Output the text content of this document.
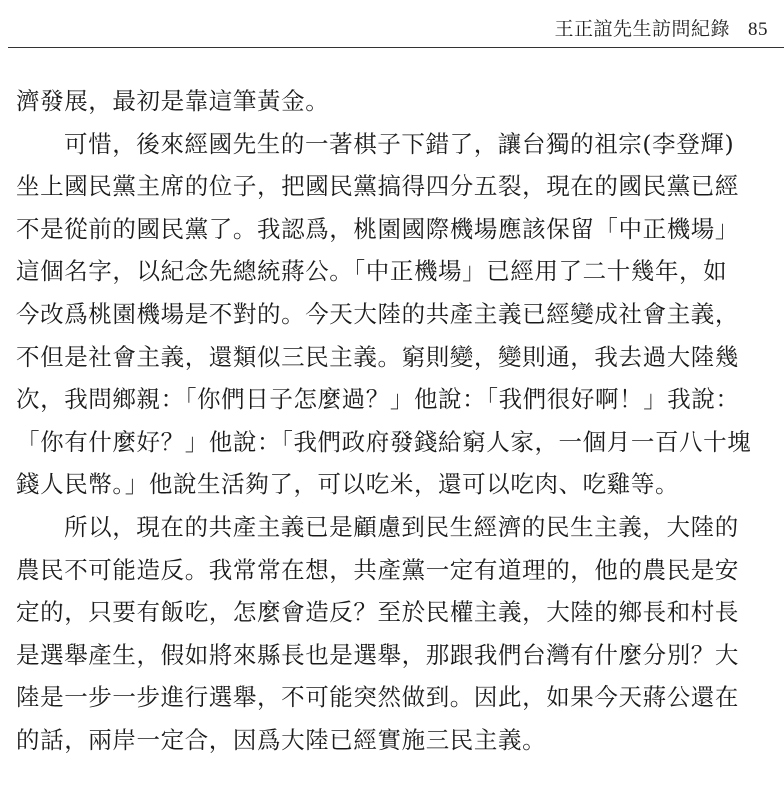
王正誼先生訪問紀錄 85
濟發展，最初是靠這筆黃金。
可惜，後來經國先生的一著棋子下錯了，讓台獨的祖宗(李登輝)
坐上國民黨主席的位子，把國民黨搞得四分五裂，現在的國民黨已經
不是從前的國民黨了。我認爲，桃園國際機場應該保留「中正機場」
這個名字，以紀念先總統蔣公。「中正機場」已經用了二十幾年，如
今改爲桃園機場是不對的。今天大陸的共產主義已經變成社會主義，
不但是社會主義，還類似三民主義。窮則變，變則通，我去過大陸幾
次，我問鄉親：「你們日子怎麼過？」他說：「我們很好啊！」我說：
「你有什麼好？」他說：「我們政府發錢給窮人家，一個月一百八十塊
錢人民幣。」他說生活夠了，可以吃米，還可以吃肉、吃雞等。
所以，現在的共產主義已是顧慮到民生經濟的民生主義，大陸的
農民不可能造反。我常常在想，共產黨一定有道理的，他的農民是安
定的，只要有飯吃，怎麼會造反？至於民權主義，大陸的鄉長和村長
是選舉產生，假如將來縣長也是選舉，那跟我們台灣有什麼分別？大
陸是一步一步進行選舉，不可能突然做到。因此，如果今天蔣公還在
的話，兩岸一定合，因爲大陸已經實施三民主義。
